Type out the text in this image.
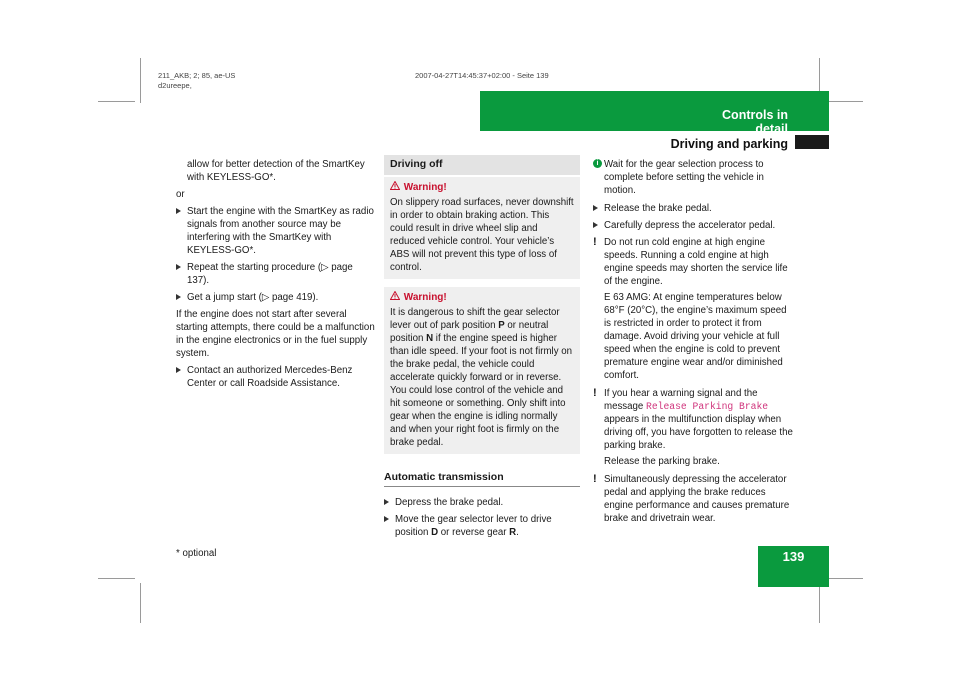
211_AKB; 2; 85, ae-US
d2ureepe,
2007-04-27T14:45:37+02:00 - Seite 139
Controls in detail
Driving and parking
139
* optional

allow for better detection of the SmartKey with KEYLESS-GO*.

or

Start the engine with the SmartKey as radio signals from another source may be interfering with the SmartKey with KEYLESS-GO*.
Repeat the starting procedure (▷ page 137).
Get a jump start (▷ page 419).

If the engine does not start after several starting attempts, there could be a malfunction in the engine electronics or in the fuel supply system.

Contact an authorized Mercedes-Benz Center or call Roadside Assistance.
Driving off
Warning!
On slippery road surfaces, never downshift in order to obtain braking action. This could result in drive wheel slip and reduced vehicle control. Your vehicle’s ABS will not prevent this type of loss of control.
Warning!
It is dangerous to shift the gear selector lever out of park position P or neutral position N if the engine speed is higher than idle speed. If your foot is not firmly on the brake pedal, the vehicle could accelerate quickly forward or in reverse. You could lose control of the vehicle and hit someone or something. Only shift into gear when the engine is idling normally and when your right foot is firmly on the brake pedal.
Automatic transmission
Depress the brake pedal.
Move the gear selector lever to drive position D or reverse gear R.
i Wait for the gear selection process to complete before setting the vehicle in motion.

Release the brake pedal.
Carefully depress the accelerator pedal.
! Do not run cold engine at high engine speeds. Running a cold engine at high engine speeds may shorten the service life of the engine.

E 63 AMG: At engine temperatures below 68°F (20°C), the engine’s maximum speed is restricted in order to protect it from damage. Avoid driving your vehicle at full speed when the engine is cold to prevent premature engine wear and/or diminished comfort.

! If you hear a warning signal and the message Release Parking Brake appears in the multifunction display when driving off, you have forgotten to release the parking brake.

Release the parking brake.

! Simultaneously depressing the accelerator pedal and applying the brake reduces engine performance and causes premature brake and drivetrain wear.
